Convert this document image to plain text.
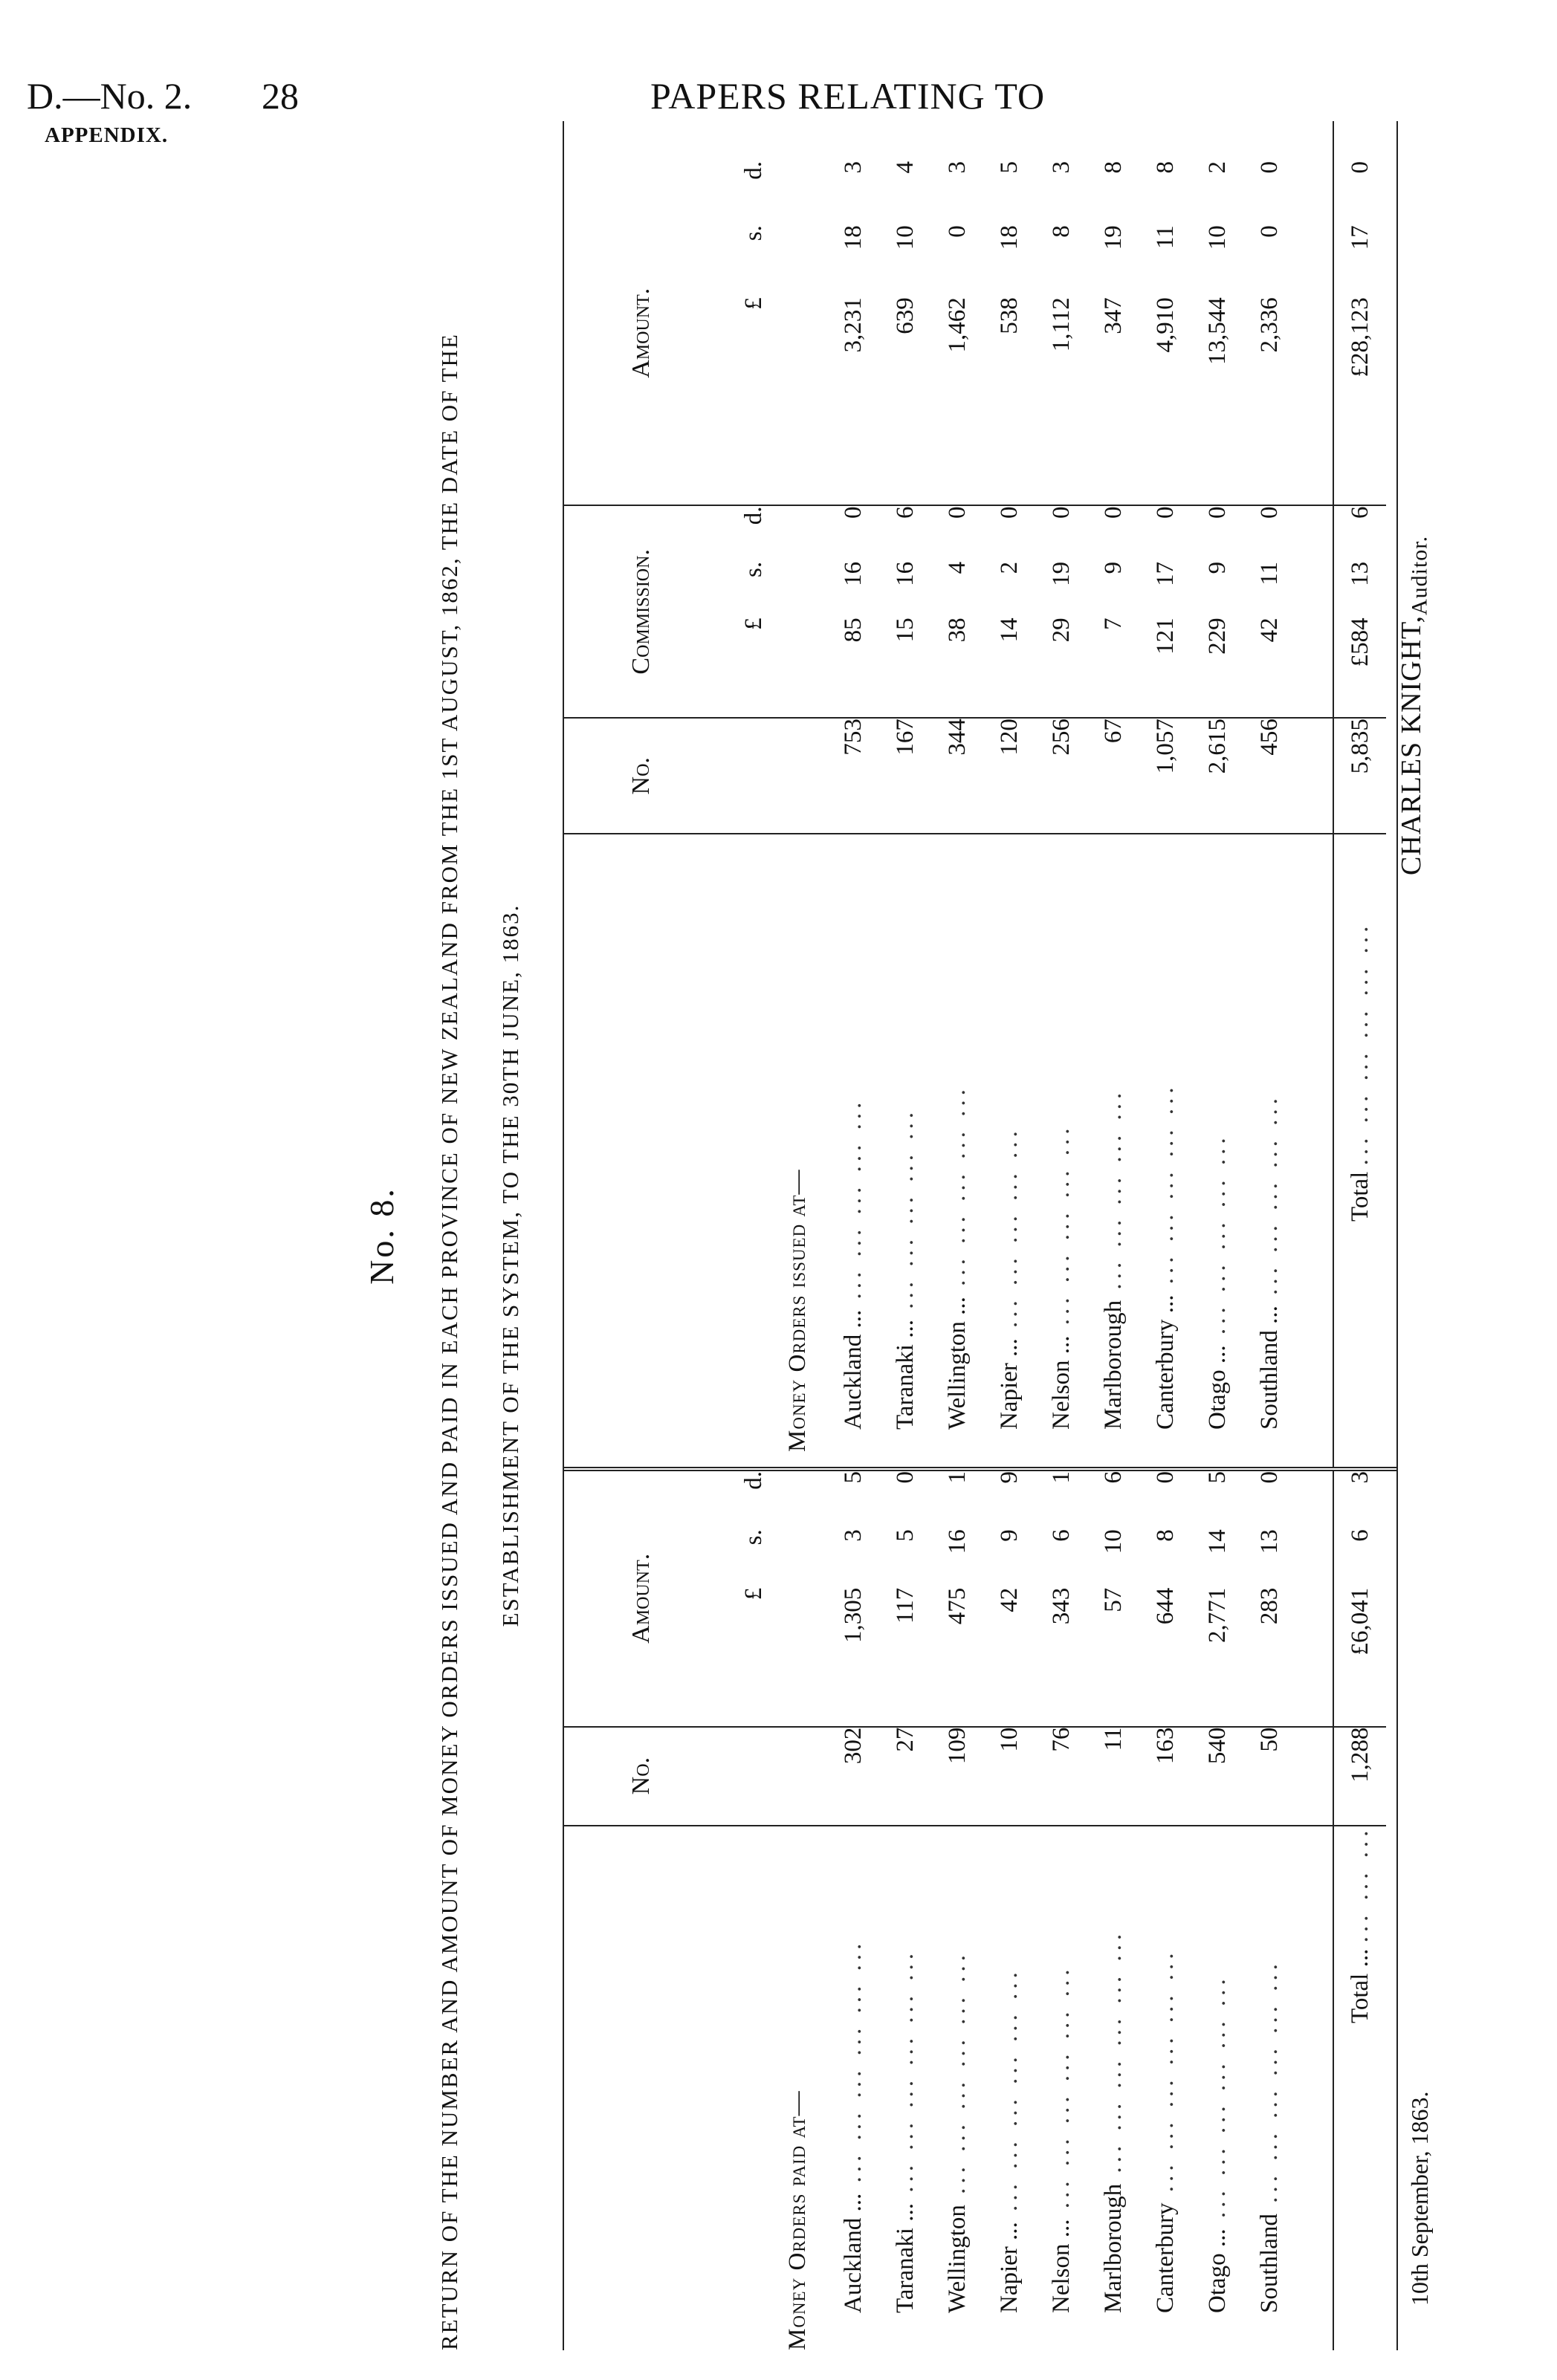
D.—No. 2. 28	PAPERS RELATING TO
APPENDIX.
No. 8. RETURN OF THE NUMBER AND AMOUNT OF MONEY ORDERS ISSUED AND PAID IN EACH PROVINCE OF NEW ZEALAND FROM THE 1ST AUGUST, 1862, THE DATE OF THE ESTABLISHMENT OF THE SYSTEM, TO THE 30TH JUNE, 1863.
	No.	Amount.		
		£	s.	d.
Money Orders paid at—				
Auckland ... ... ... ... ... ... ...	302	1,305	3	5
Taranaki ... ... ... ... ... ... ...	27	117	5	0
Wellington ... ... ... ... ... ...	109	475	16	1
Napier ... ... ... ... ... ... ...	10	42	9	9
Nelson ... ... ... ... ... ... ...	76	343	6	1
Marlborough ... ... ... ... ... ...	11	57	10	6
Canterbury ... ... ... ... ... ...	163	644	8	0
Otago ... ... ... ... ... ... ...	540	2,771	14	5
Southland ... ... ... ... ... ...	50	283	13	0

Total ... ... ... ...	1,288	£6,041	6	3
	No.	Commission.			Amount.			
		£	s.	d.	£	s.	d.	
Money Orders issued at—								
Auckland ... ... ... ... ... ...	753	85	16	0	3,231	18	3	
Taranaki ... ... ... ... ... ...	167	15	16	6	639	10	4	
Wellington ... ... ... ... ... ...	344	38	4	0	1,462	0	3	
Napier ... ... ... ... ... ...	120	14	2	0	538	18	5	
Nelson ... ... ... ... ... ...	256	29	19	0	1,112	8	3	
Marlborough ... ... ... ... ...	67	7	9	0	347	19	8	
Canterbury ... ... ... ... ... ...	1,057	121	17	0	4,910	11	8	
Otago ... ... ... ... ... ...	2,615	229	9	0	13,544	10	2	
Southland ... ... ... ... ... ...	456	42	11	0	2,336	0	0	

Total ... ... ... ... ... ...	5,835	£584	13	6	£28,123	17	0	
10th September, 1863.
CHARLES $KNIGHT,_{Auditor.}$
